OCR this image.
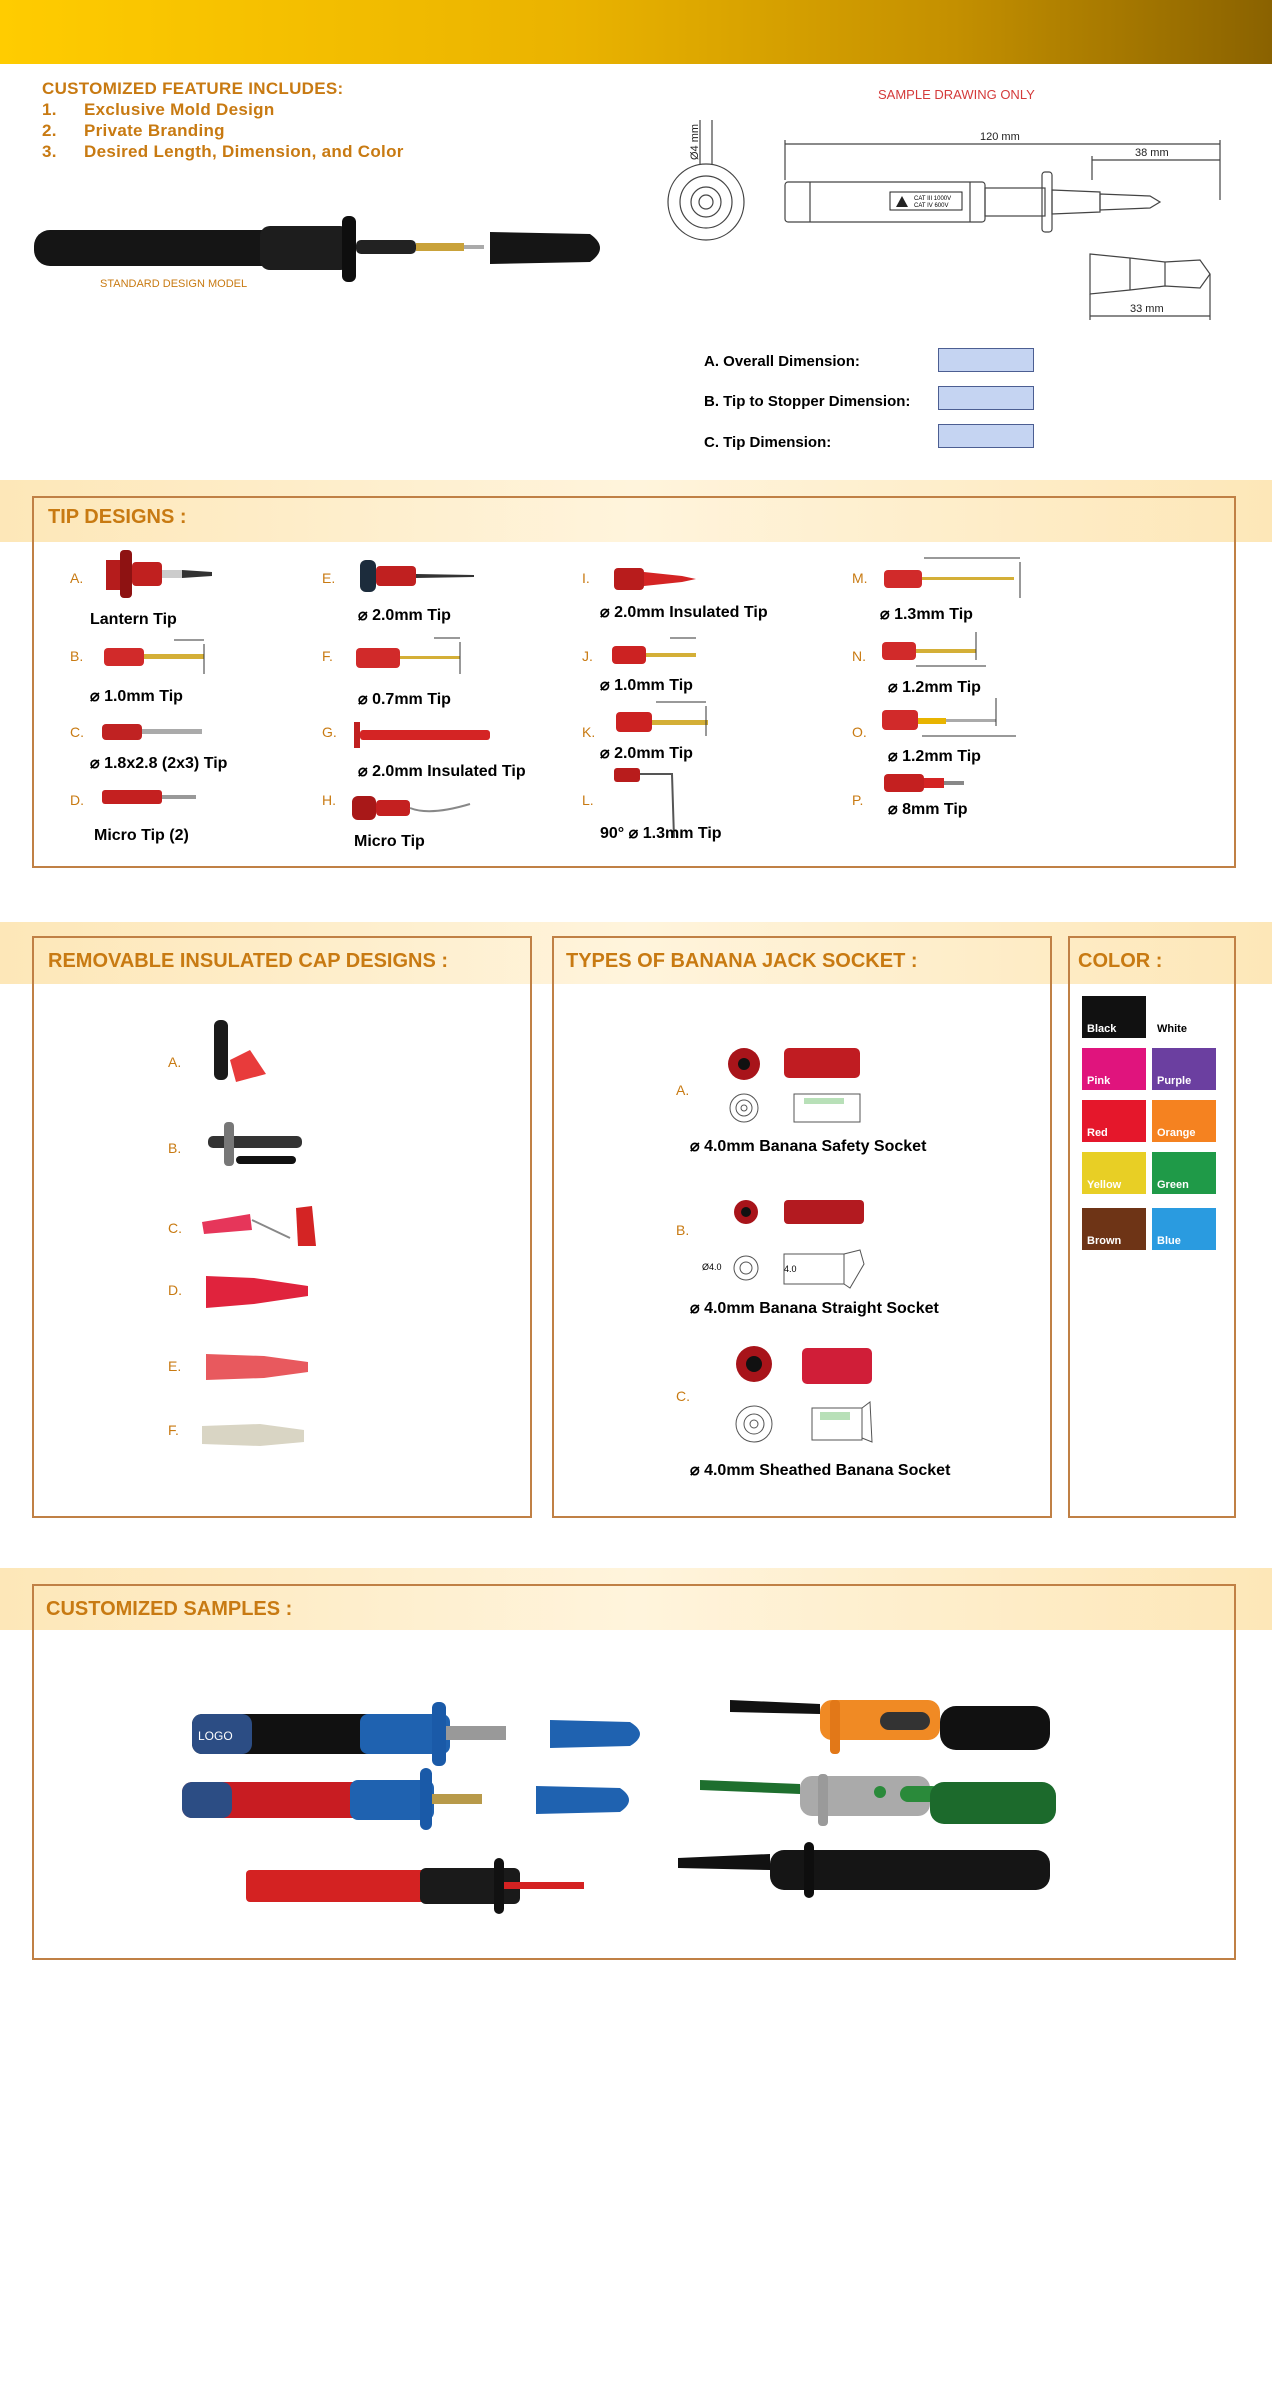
CUSTOMIZED FEATURE INCLUDES:
1. Exclusive Mold Design
2. Private Branding
3. Desired Length, Dimension, and Color
STANDARD DESIGN MODEL
SAMPLE DRAWING ONLY
CAT III 1000V
CAT IV 600V
Ø4 mm	120 mm
38 mm
33 mm
A. Overall Dimension:
B. Tip to Stopper Dimension:
C. Tip Dimension:
TIP DESIGNS :
A.
Lantern Tip
B.
⌀ 1.0mm Tip
C.
⌀ 1.8x2.8 (2x3) Tip
D.
Micro Tip (2)
E.
⌀ 2.0mm Tip
F.
⌀ 0.7mm Tip
G.
⌀ 2.0mm Insulated Tip
H.
Micro Tip
I.
⌀ 2.0mm Insulated Tip
J.
⌀ 1.0mm Tip
K.
⌀ 2.0mm Tip
L.
90° ⌀ 1.3mm Tip
M.
⌀ 1.3mm Tip
N.
⌀ 1.2mm Tip
O.
⌀ 1.2mm Tip
P.
⌀ 8mm Tip
REMOVABLE INSULATED CAP DESIGNS :
A.
B.
C.
D.
E.
F.
TYPES OF BANANA JACK SOCKET :
A.
⌀ 4.0mm Banana Safety Socket
B.
Ø4.0	4.0
⌀ 4.0mm Banana Straight Socket
C.
⌀ 4.0mm Sheathed Banana Socket
COLOR :
Black	White
Pink	Purple
Red	Orange
Yellow	Green
Brown	Blue
CUSTOMIZED SAMPLES :
LOGO
